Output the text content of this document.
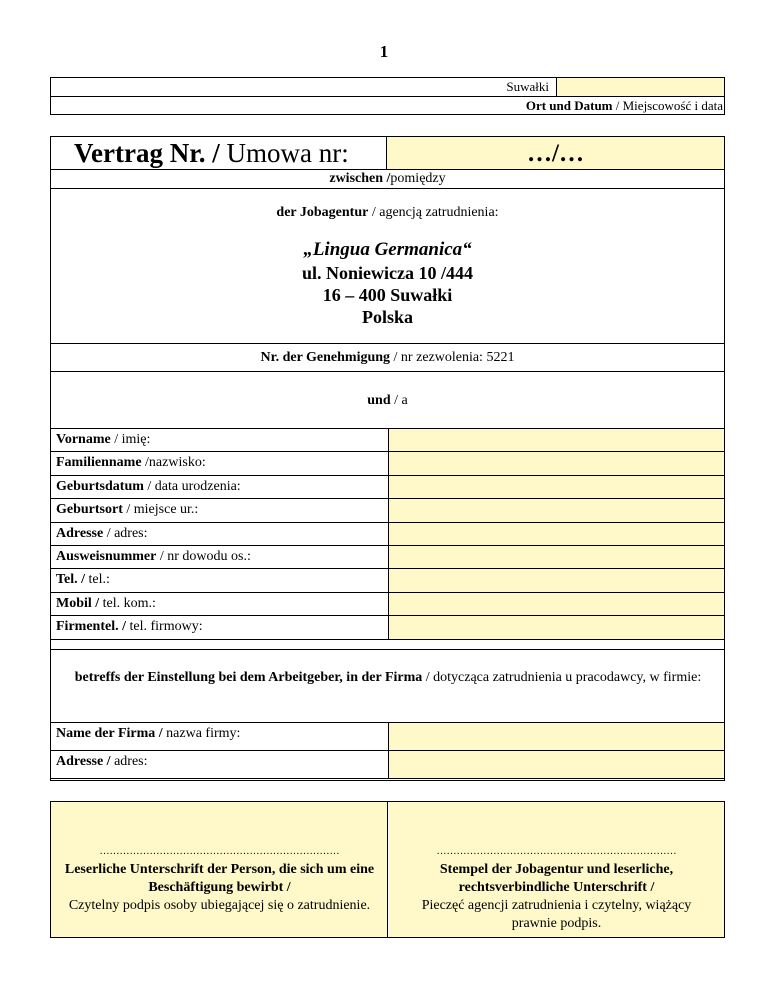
1
Suwałki
Ort und Datum / Miejscowość i data
Vertrag Nr. / Umowa nr:	…/…
zwischen /pomiędzy
der Jobagentur / agencją zatrudnienia:
„Lingua Germanica“
ul. Noniewicza 10 /444
16 – 400 Suwałki
Polska
Nr. der Genehmigung / nr zezwolenia: 5221
und / a
Vorname / imię:
Familienname /nazwisko:
Geburtsdatum / data urodzenia:
Geburtsort / miejsce ur.:
Adresse / adres:
Ausweisnummer / nr dowodu os.:
Tel. / tel.:
Mobil / tel. kom.:
Firmentel. / tel. firmowy:
betreffs der Einstellung bei dem Arbeitgeber, in der Firma / dotycząca zatrudnienia u pracodawcy, w firmie:
Name der Firma / nazwa firmy:
Adresse / adres:
………………………………………………………………
Leserliche Unterschrift der Person, die sich um eine Beschäftigung bewirbt /
Czytelny podpis osoby ubiegającej się o zatrudnienie.
………………………………………………………………
Stempel der Jobagentur und leserliche, rechtsverbindliche Unterschrift /
Pieczęć agencji zatrudnienia i czytelny, wiążący prawnie podpis.
